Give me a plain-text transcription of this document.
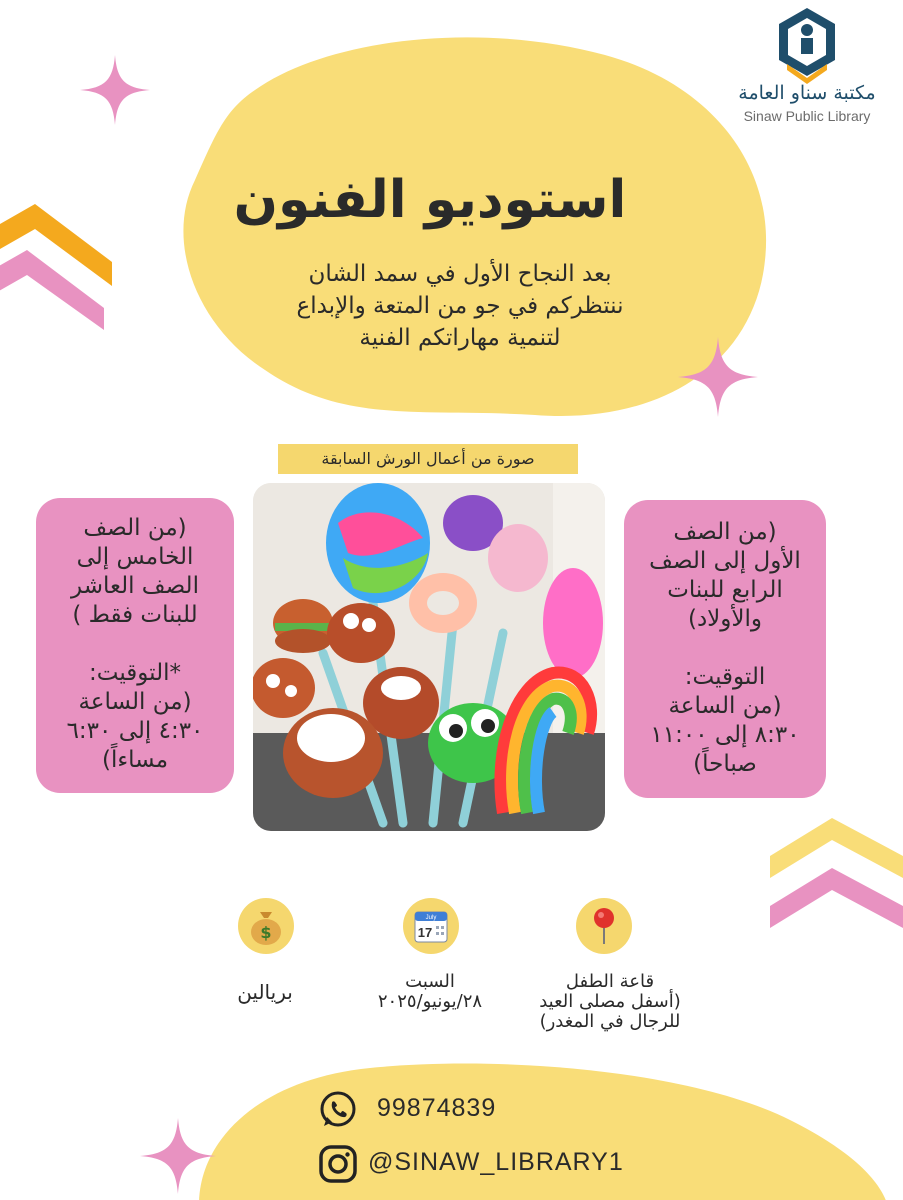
مكتبة سناو العامة
Sinaw Public Library
استوديو الفنون
بعد النجاح الأول في سمد الشان
ننتظركم في جو من المتعة والإبداع
لتنمية مهاراتكم الفنية
صورة من أعمال الورش السابقة

(من الصف

الخامس إلى

الصف العاشر

للبنات فقط )

*التوقيت:

(من الساعة

٤:٣٠ إلى ٦:٣٠

مساءاً)

(من الصف

الأول إلى الصف

الرابع للبنات

والأولاد)

التوقيت:

(من الساعة

٨:٣٠ إلى ١١:٠٠

صباحاً)

$
July
17
بريالين	السبت
٢٨/يونيو/٢٠٢٥
قاعة الطفل
(أسفل مصلى العيد
للرجال في المغدر)
99874839
@SINAW_LIBRARY1
